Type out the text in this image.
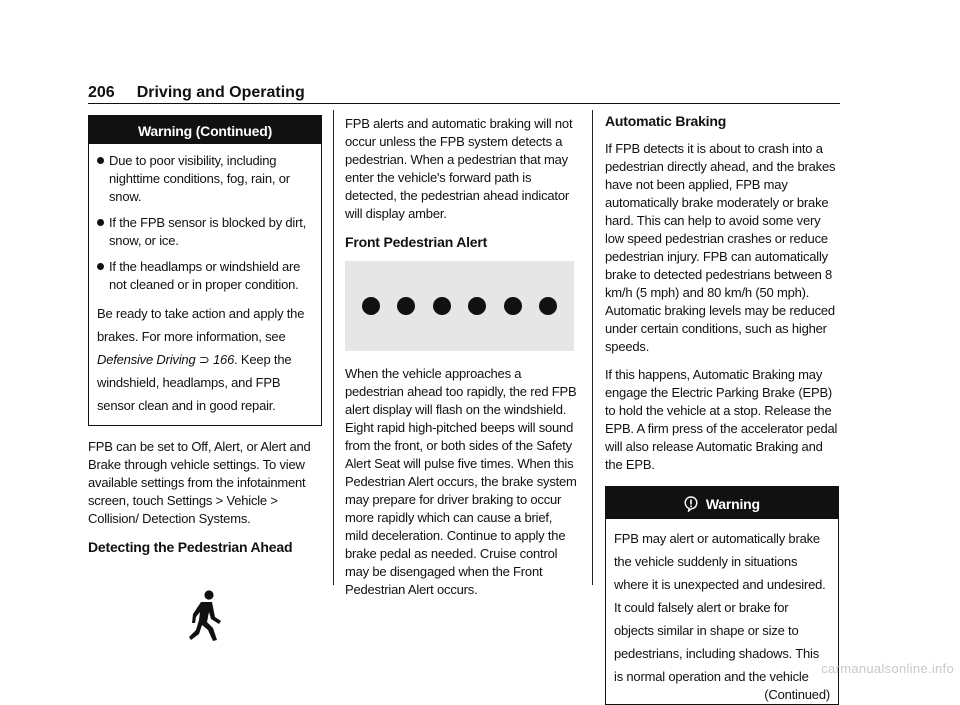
206 Driving and Operating
Warning (Continued)
Due to poor visibility, including nighttime conditions, fog, rain, or snow.
If the FPB sensor is blocked by dirt, snow, or ice.
If the headlamps or windshield are not cleaned or in proper condition.

Be ready to take action and apply the brakes. For more information, see Defensive Driving ⊃ 166. Keep the windshield, headlamps, and FPB sensor clean and in good repair.

FPB can be set to Off, Alert, or Alert and Brake through vehicle settings. To view available settings from the infotainment screen, touch Settings > Vehicle > Collision/ Detection Systems.

Detecting the Pedestrian Ahead

FPB alerts and automatic braking will not occur unless the FPB system detects a pedestrian. When a pedestrian that may enter the vehicle's forward path is detected, the pedestrian ahead indicator will display amber.

Front Pedestrian Alert

When the vehicle approaches a pedestrian ahead too rapidly, the red FPB alert display will flash on the windshield. Eight rapid high-pitched beeps will sound from the front, or both sides of the Safety Alert Seat will pulse five times. When this Pedestrian Alert occurs, the brake system may prepare for driver braking to occur more rapidly which can cause a brief, mild deceleration. Continue to apply the brake pedal as needed. Cruise control may be disengaged when the Front Pedestrian Alert occurs.

Automatic Braking

If FPB detects it is about to crash into a pedestrian directly ahead, and the brakes have not been applied, FPB may automatically brake moderately or brake hard. This can help to avoid some very low speed pedestrian crashes or reduce pedestrian injury. FPB can automatically brake to detected pedestrians between 8 km/h (5 mph) and 80 km/h (50 mph). Automatic braking levels may be reduced under certain conditions, such as higher speeds.

If this happens, Automatic Braking may engage the Electric Parking Brake (EPB) to hold the vehicle at a stop. Release the EPB. A firm press of the accelerator pedal will also release Automatic Braking and the EPB.

Warning
FPB may alert or automatically brake the vehicle suddenly in situations where it is unexpected and undesired. It could falsely alert or brake for objects similar in shape or size to pedestrians, including shadows. This is normal operation and the vehicle
(Continued)
carmanualsonline.info
